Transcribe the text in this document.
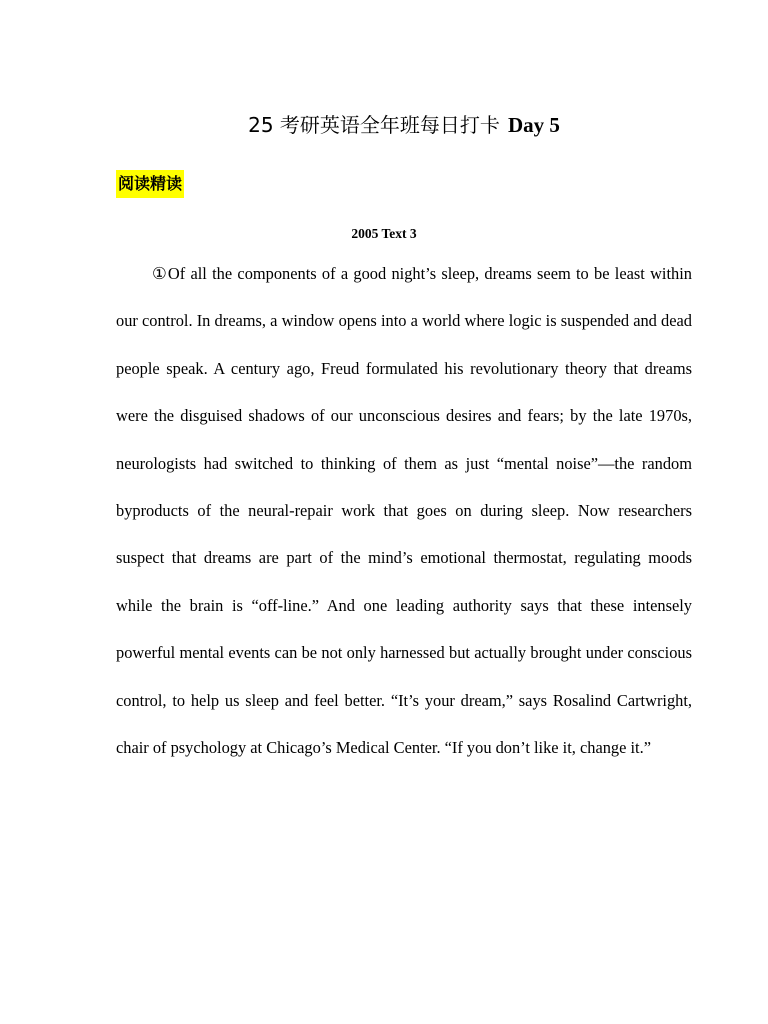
25 考研英语全年班每日打卡 Day 5
阅读精读
2005 Text 3

①Of all the components of a good night’s sleep, dreams seem to be least within our control. In dreams, a window opens into a world where logic is suspended and dead people speak. A century ago, Freud formulated his revolutionary theory that dreams were the disguised shadows of our unconscious desires and fears; by the late 1970s, neurologists had switched to thinking of them as just “mental noise”—the random byproducts of the neural-repair work that goes on during sleep. Now researchers suspect that dreams are part of the mind’s emotional thermostat, regulating moods while the brain is “off-line.” And one leading authority says that these intensely powerful mental events can be not only harnessed but actually brought under conscious control, to help us sleep and feel better. “It’s your dream,” says Rosalind Cartwright, chair of psychology at Chicago’s Medical Center. “If you don’t like it, change it.”
